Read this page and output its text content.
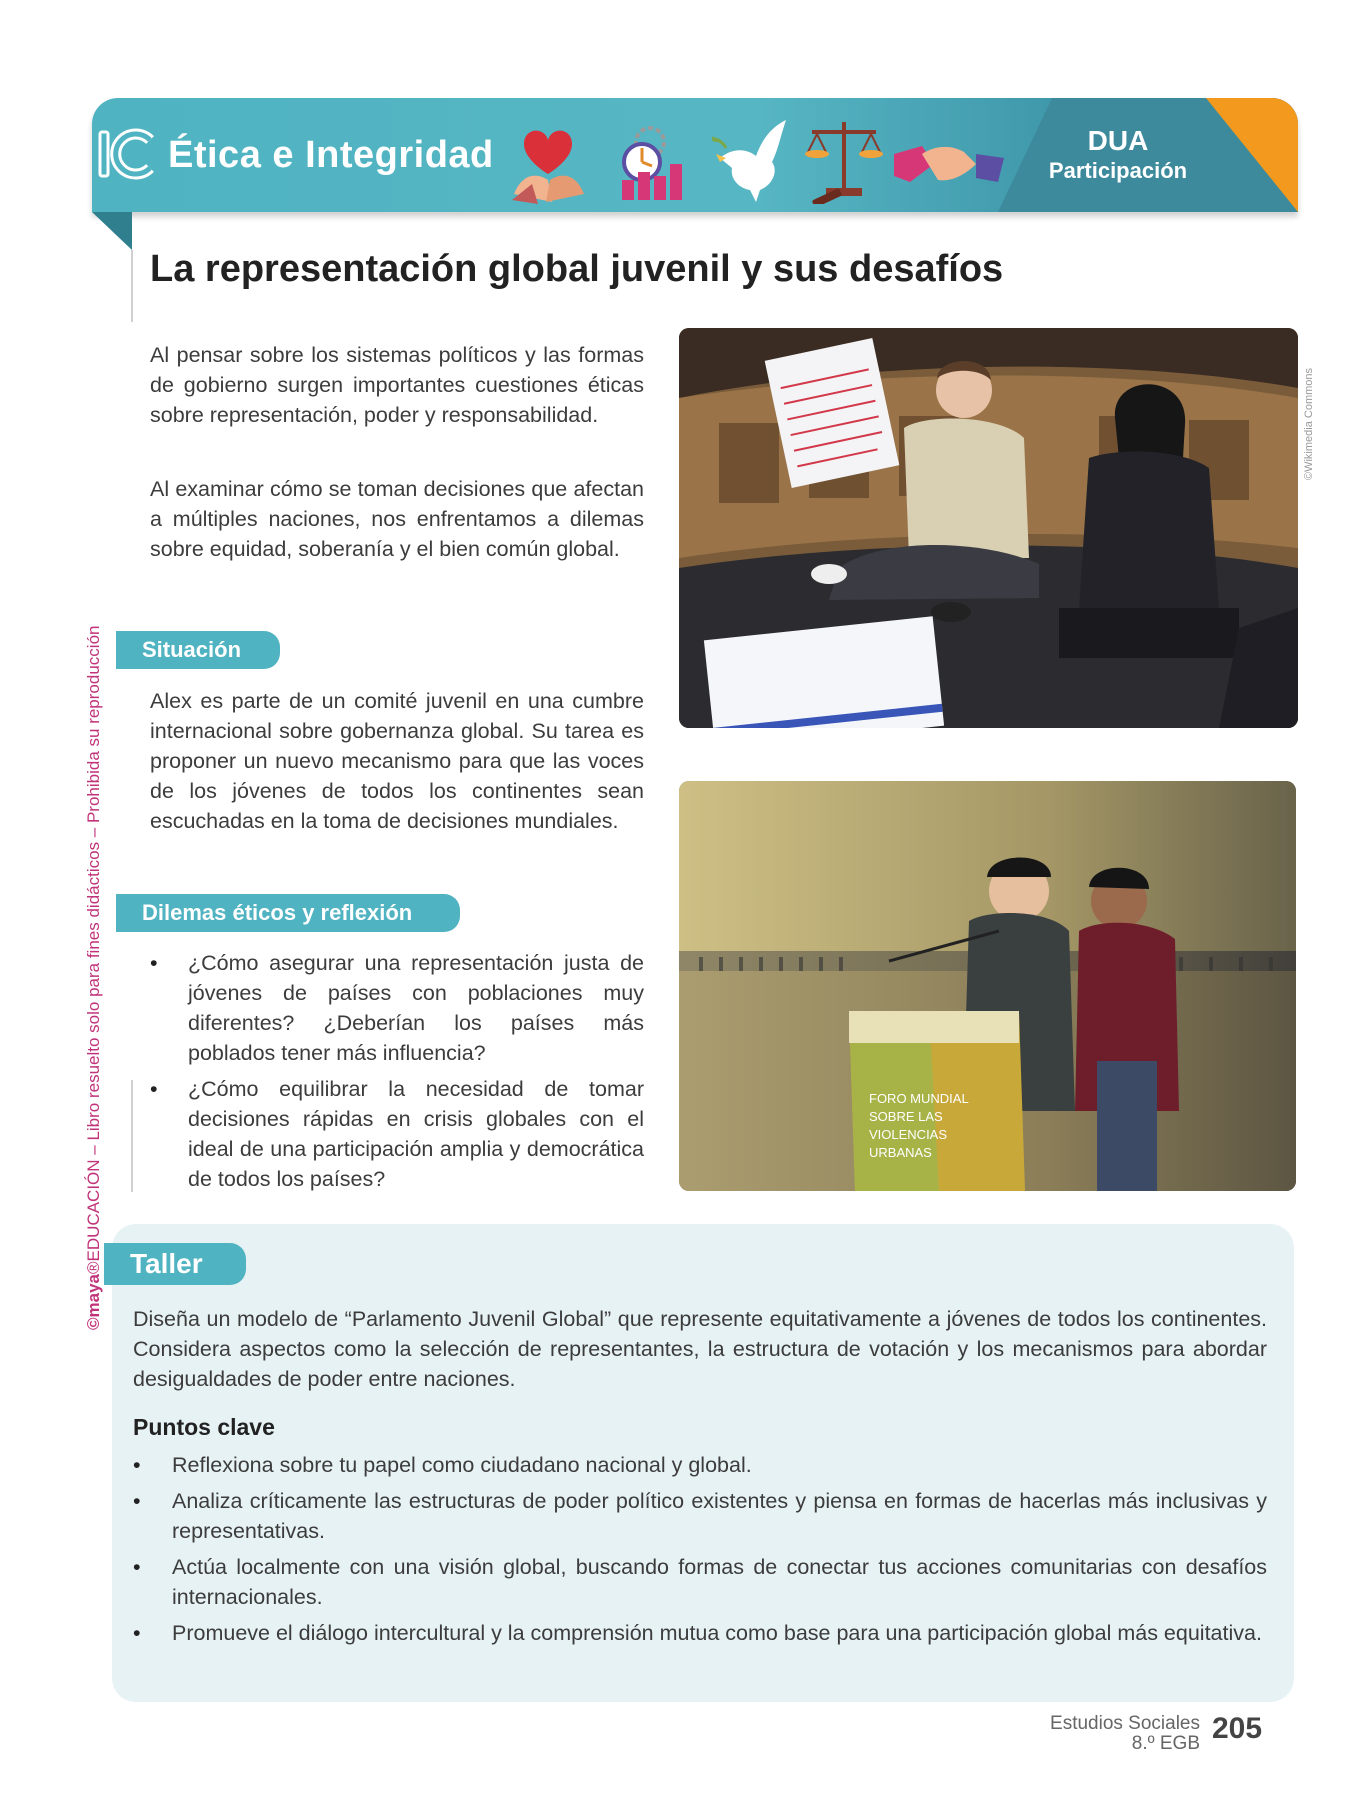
Ética e Integridad	DUA
Participación
©maya®EDUCACIÓN – Libro resuelto solo para fines didácticos – Prohibida su reproducción
La representación global juvenil y sus desafíos

Al pensar sobre los sistemas políticos y las formas de gobierno surgen importantes cuestiones éticas sobre representación, poder y responsabilidad.

Al examinar cómo se toman decisiones que afectan a múltiples naciones, nos enfrentamos a dilemas sobre equidad, soberanía y el bien común global.

Situación

Alex es parte de un comité juvenil en una cumbre internacional sobre gobernanza global. Su tarea es proponer un nuevo mecanismo para que las voces de los jóvenes de todos los continentes sean escuchadas en la toma de decisiones mundiales.

Dilemas éticos y reflexión
• ¿Cómo asegurar una representación justa de jóvenes de países con poblaciones muy diferentes? ¿Deberían los países más poblados tener más influencia?
• ¿Cómo equilibrar la necesidad de tomar decisiones rápidas en crisis globales con el ideal de una participación amplia y democrática de todos los países?
©Wikimedia Commons
FORO MUNDIAL
SOBRE LAS
VIOLENCIAS
URBANAS
Taller

Diseña un modelo de “Parlamento Juvenil Global” que represente equitativamente a jóvenes de todos los continentes. Considera aspectos como la selección de representantes, la estructura de votación y los mecanismos para abordar desigualdades de poder entre naciones.

Puntos clave
• Reflexiona sobre tu papel como ciudadano nacional y global.
• Analiza críticamente las estructuras de poder político existentes y piensa en formas de hacerlas más inclusivas y representativas.
• Actúa localmente con una visión global, buscando formas de conectar tus acciones comunitarias con desafíos internacionales.
• Promueve el diálogo intercultural y la comprensión mutua como base para una participación global más equitativa.
Estudios Sociales
8.º EGB 205
